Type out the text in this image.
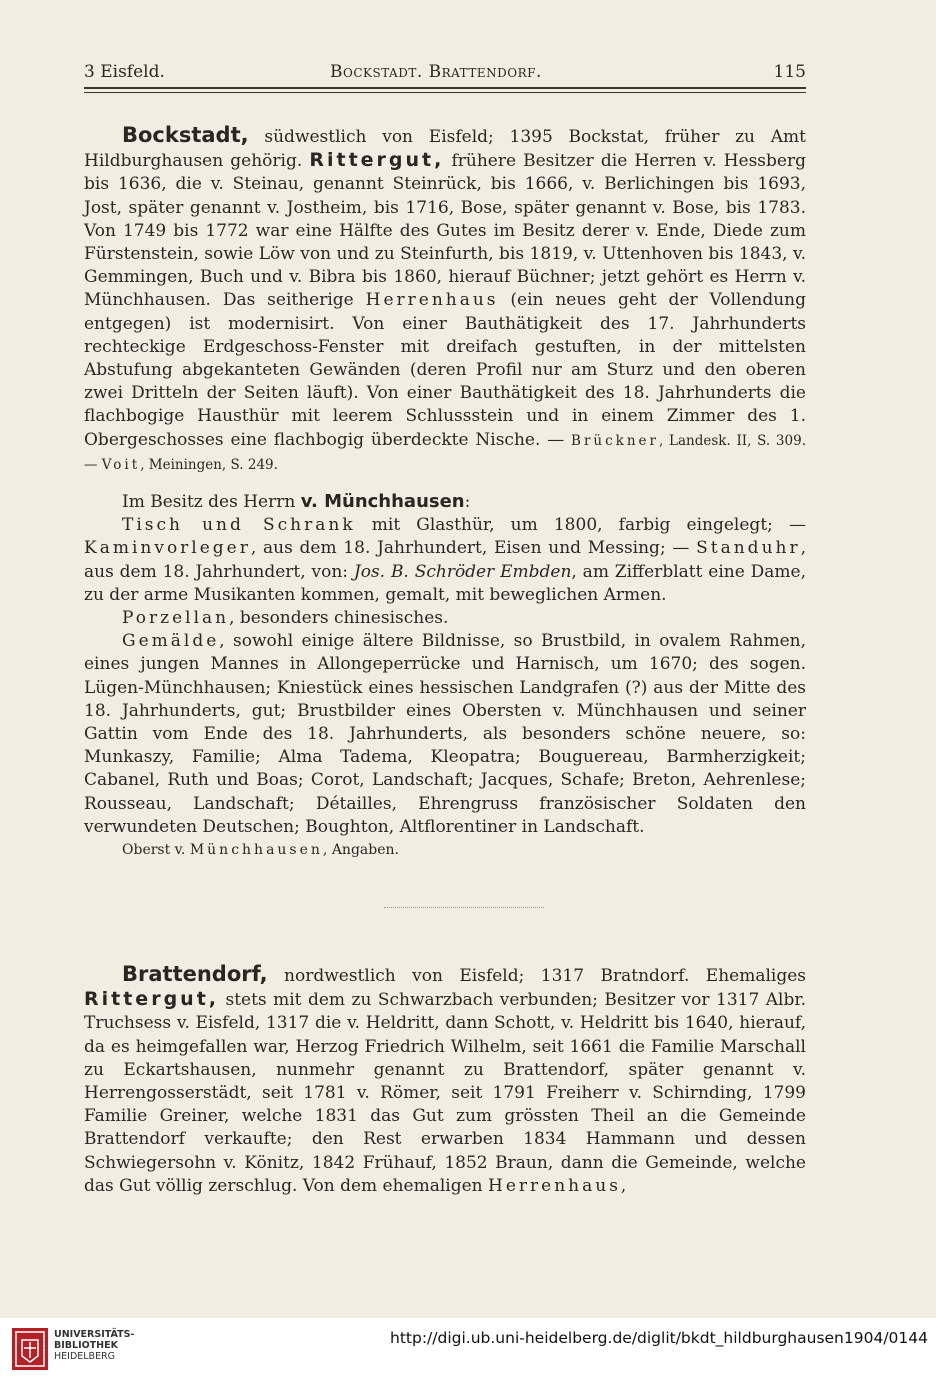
3 Eisfeld.	Bockstadt. Brattendorf.	115

Bockstadt, südwestlich von Eisfeld; 1395 Bockstat, früher zu Amt Hildburghausen gehörig. Rittergut, frühere Besitzer die Herren v. Hessberg bis 1636, die v. Steinau, genannt Steinrück, bis 1666, v. Berlichingen bis 1693, Jost, später genannt v. Jostheim, bis 1716, Bose, später genannt v. Bose, bis 1783. Von 1749 bis 1772 war eine Hälfte des Gutes im Besitz derer v. Ende, Diede zum Fürstenstein, sowie Löw von und zu Steinfurth, bis 1819, v. Uttenhoven bis 1843, v. Gemmingen, Buch und v. Bibra bis 1860, hierauf Büchner; jetzt gehört es Herrn v. Münchhausen. Das seitherige Herrenhaus (ein neues geht der Vollendung entgegen) ist modernisirt. Von einer Bauthätigkeit des 17. Jahrhunderts rechteckige Erdgeschoss-Fenster mit dreifach gestuften, in der mittelsten Abstufung abgekanteten Gewänden (deren Profil nur am Sturz und den oberen zwei Dritteln der Seiten läuft). Von einer Bauthätigkeit des 18. Jahrhunderts die flachbogige Hausthür mit leerem Schlussstein und in einem Zimmer des 1. Obergeschosses eine flachbogig überdeckte Nische. — Brückner, Landesk. II, S. 309. — Voit, Meiningen, S. 249.

Im Besitz des Herrn v. Münchhausen:

Tisch und Schrank mit Glasthür, um 1800, farbig eingelegt; — Kaminvorleger, aus dem 18. Jahrhundert, Eisen und Messing; — Standuhr, aus dem 18. Jahrhundert, von: Jos. B. Schröder Embden, am Zifferblatt eine Dame, zu der arme Musikanten kommen, gemalt, mit beweglichen Armen.

Porzellan, besonders chinesisches.

Gemälde, sowohl einige ältere Bildnisse, so Brustbild, in ovalem Rahmen, eines jungen Mannes in Allongeperrücke und Harnisch, um 1670; des sogen. Lügen-Münchhausen; Kniestück eines hessischen Landgrafen (?) aus der Mitte des 18. Jahrhunderts, gut; Brustbilder eines Obersten v. Münchhausen und seiner Gattin vom Ende des 18. Jahrhunderts, als besonders schöne neuere, so: Munkaszy, Familie; Alma Tadema, Kleopatra; Bouguereau, Barmherzigkeit; Cabanel, Ruth und Boas; Corot, Landschaft; Jacques, Schafe; Breton, Aehrenlese; Rousseau, Landschaft; Détailles, Ehrengruss französischer Soldaten den verwundeten Deutschen; Boughton, Altflorentiner in Landschaft.

Oberst v. Münchhausen, Angaben.

Brattendorf, nordwestlich von Eisfeld; 1317 Bratndorf. Ehemaliges Rittergut, stets mit dem zu Schwarzbach verbunden; Besitzer vor 1317 Albr. Truchsess v. Eisfeld, 1317 die v. Heldritt, dann Schott, v. Heldritt bis 1640, hierauf, da es heimgefallen war, Herzog Friedrich Wilhelm, seit 1661 die Familie Marschall zu Eckartshausen, nunmehr genannt zu Brattendorf, später genannt v. Herrengosserstädt, seit 1781 v. Römer, seit 1791 Freiherr v. Schirnding, 1799 Familie Greiner, welche 1831 das Gut zum grössten Theil an die Gemeinde Brattendorf verkaufte; den Rest erwarben 1834 Hammann und dessen Schwiegersohn v. Könitz, 1842 Frühauf, 1852 Braun, dann die Gemeinde, welche das Gut völlig zerschlug. Von dem ehemaligen Herrenhaus,

UNIVERSITÄTS-
BIBLIOTHEK
HEIDELBERG
http://digi.ub.uni-heidelberg.de/diglit/bkdt_hildburghausen1904/0144
